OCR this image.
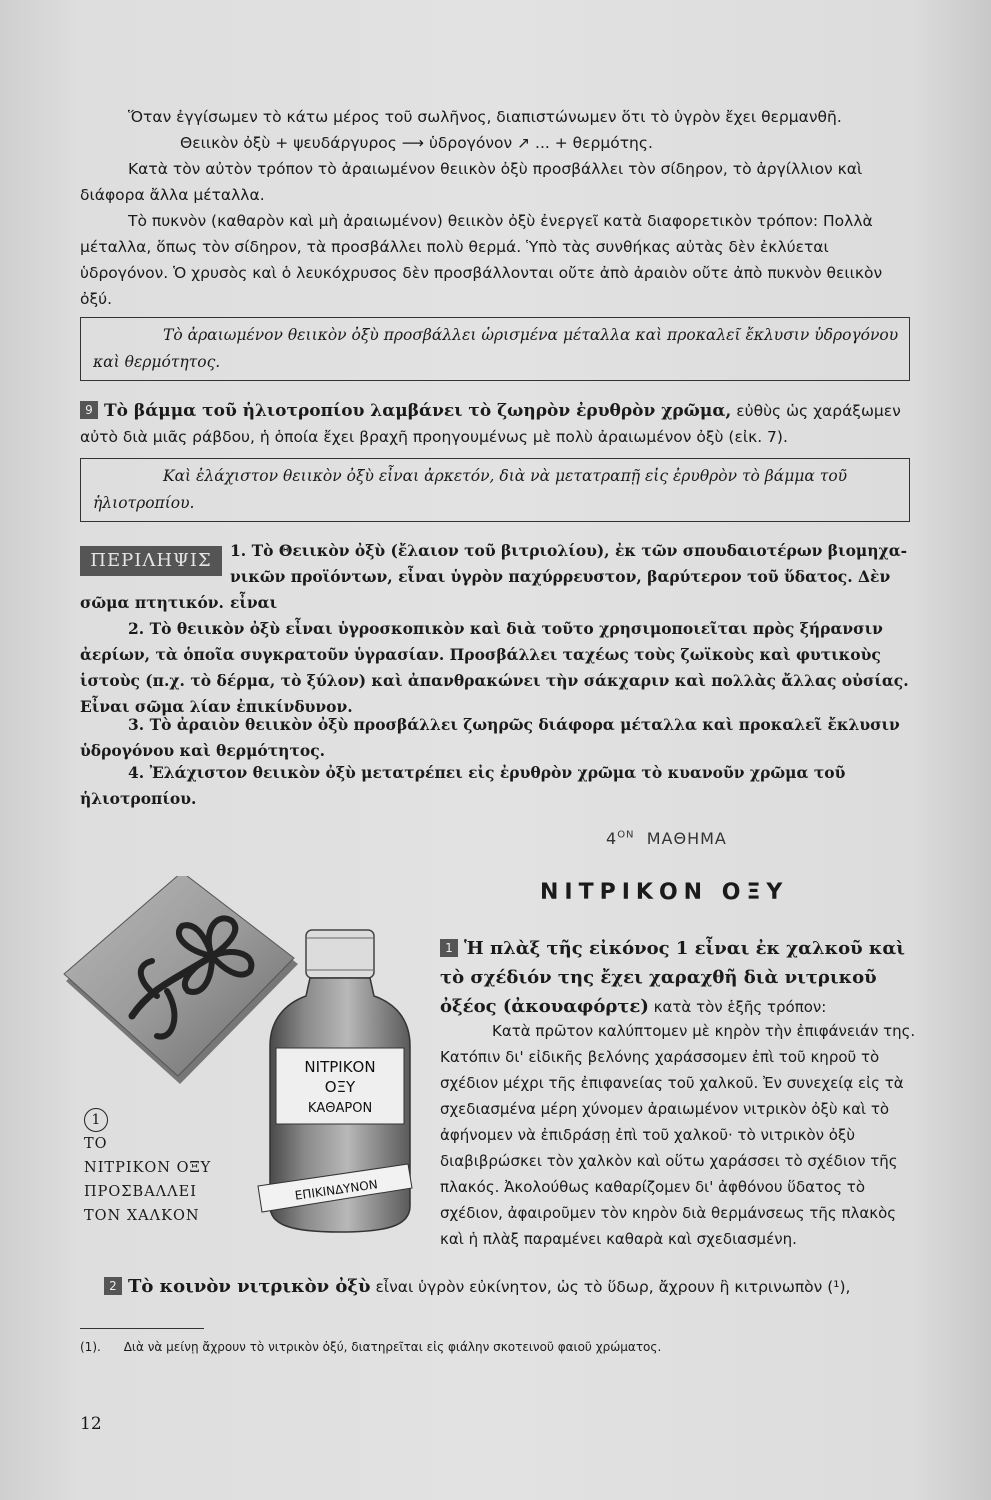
Ὅταν ἐγγίσωμεν τὸ κάτω μέρος τοῦ σωλῆνος, διαπιστώνωμεν ὅτι τὸ ὑγρὸν ἔχει θερμανθῆ.

Θειικὸν ὀξὺ + ψευδάργυρος ⟶ ὑδρογόνον ↗ ... + θερμότης.

Κατὰ τὸν αὐτὸν τρόπον τὸ ἀραιωμένον θειικὸν ὀξὺ προσβάλλει τὸν σίδηρον, τὸ ἀργίλλιον καὶ διάφορα ἄλλα μέταλλα.

Τὸ πυκνὸν (καθαρὸν καὶ μὴ ἀραιωμένον) θειικὸν ὀξὺ ἐνεργεῖ κατὰ διαφορετικὸν τρόπον: Πολλὰ μέταλλα, ὅπως τὸν σίδηρον, τὰ προσβάλλει πολὺ θερμά. Ὑπὸ τὰς συνθήκας αὐτὰς δὲν ἐκλύεται ὑδρογόνον. Ὁ χρυσὸς καὶ ὁ λευκόχρυσος δὲν προσβάλλονται οὔτε ἀπὸ ἀραιὸν οὔτε ἀπὸ πυκνὸν θειικὸν ὀξύ.

Τὸ ἀραιωμένον θειικὸν ὀξὺ προσβάλλει ὡρισμένα μέταλλα καὶ προκαλεῖ ἔκλυσιν ὑδρογόνου καὶ θερμότητος.

9 Τὸ βάμμα τοῦ ἡλιοτροπίου λαμβάνει τὸ ζωηρὸν ἐρυθρὸν χρῶμα, εὐθὺς ὡς χαράξωμεν αὐτὸ διὰ μιᾶς ράβδου, ἡ ὁποία ἔχει βραχῆ προηγουμένως μὲ πολὺ ἀραιωμένον ὀξὺ (εἰκ. 7).

Καὶ ἐλάχιστον θειικὸν ὀξὺ εἶναι ἀρκετόν, διὰ νὰ μετατραπῇ εἰς ἐρυθρὸν τὸ βάμμα τοῦ ἡλιοτροπίου.
ΠΕΡΙΛΗΨΙΣ	1. Τὸ Θειικὸν ὀξὺ (ἔλαιον τοῦ βιτριολίου), ἐκ τῶν σπουδαιοτέρων βιομηχα-

νικῶν προϊόντων, εἶναι ὑγρὸν παχύρρευστον, βαρύτερον τοῦ ὕδατος. Δὲν εἶναι

σῶμα πτητικόν.

2. Τὸ θειικὸν ὀξὺ εἶναι ὑγροσκοπικὸν καὶ διὰ τοῦτο χρησιμοποιεῖται πρὸς ξήρανσιν ἀερίων, τὰ ὁποῖα συγκρατοῦν ὑγρασίαν. Προσβάλλει ταχέως τοὺς ζωϊκοὺς καὶ φυτικοὺς ἱστοὺς (π.χ. τὸ δέρμα, τὸ ξύλον) καὶ ἀπανθρακώνει τὴν σάκχαριν καὶ πολλὰς ἄλλας οὐσίας. Εἶναι σῶμα λίαν ἐπικίνδυνον.

3. Τὸ ἀραιὸν θειικὸν ὀξὺ προσβάλλει ζωηρῶς διάφορα μέταλλα καὶ προκαλεῖ ἔκλυσιν ὑδρογόνου καὶ θερμότητος.

4. Ἐλάχιστον θειικὸν ὀξὺ μετατρέπει εἰς ἐρυθρὸν χρῶμα τὸ κυανοῦν χρῶμα τοῦ ἡλιοτροπίου.

$4^{ON}$ ΜΑΘΗΜΑ
ΝΙΤΡΙΚΟΝ ΟΞΥ
ΝΙΤΡΙΚΟΝ
ΟΞΥ
ΚΑΘΑΡΟΝ
ΕΠΙΚΙΝΔΥΝΟΝ
1
ΤΟ
ΝΙΤΡΙΚΟΝ ΟΞΥ
ΠΡΟΣΒΑΛΛΕΙ
ΤΟΝ ΧΑΛΚΟΝ
1 Ἡ πλὰξ τῆς εἰκόνος 1 εἶναι ἐκ χαλκοῦ καὶ τὸ σχέδιόν της ἔχει χαραχθῆ διὰ νιτρικοῦ ὀξέος (ἀκουαφόρτε) κατὰ τὸν ἑξῆς τρόπον:

Κατὰ πρῶτον καλύπτομεν μὲ κηρὸν τὴν ἐπιφάνειάν της. Κατόπιν δι' εἰδικῆς βελόνης χαράσσομεν ἐπὶ τοῦ κηροῦ τὸ σχέδιον μέχρι τῆς ἐπιφανείας τοῦ χαλκοῦ. Ἐν συνεχείᾳ εἰς τὰ σχεδιασμένα μέρη χύνομεν ἀραιωμένον νιτρικὸν ὀξὺ καὶ τὸ ἀφήνομεν νὰ ἐπιδράσῃ ἐπὶ τοῦ χαλκοῦ· τὸ νιτρικὸν ὀξὺ διαβιβρώσκει τὸν χαλκὸν καὶ οὕτω χαράσσει τὸ σχέδιον τῆς πλακός. Ἀκολούθως καθαρίζομεν δι' ἀφθόνου ὕδατος τὸ σχέδιον, ἀφαιροῦμεν τὸν κηρὸν διὰ θερμάνσεως τῆς πλακὸς καὶ ἡ πλὰξ παραμένει καθαρὰ καὶ σχεδιασμένη.

2 Τὸ κοινὸν νιτρικὸν ὀξὺ εἶναι ὑγρὸν εὐκίνητον, ὡς τὸ ὕδωρ, ἄχρουν ἢ κιτρινωπὸν (¹),

(1). Διὰ νὰ μείνῃ ἄχρουν τὸ νιτρικὸν ὀξύ, διατηρεῖται εἰς φιάλην σκοτεινοῦ φαιοῦ χρώματος.
12
